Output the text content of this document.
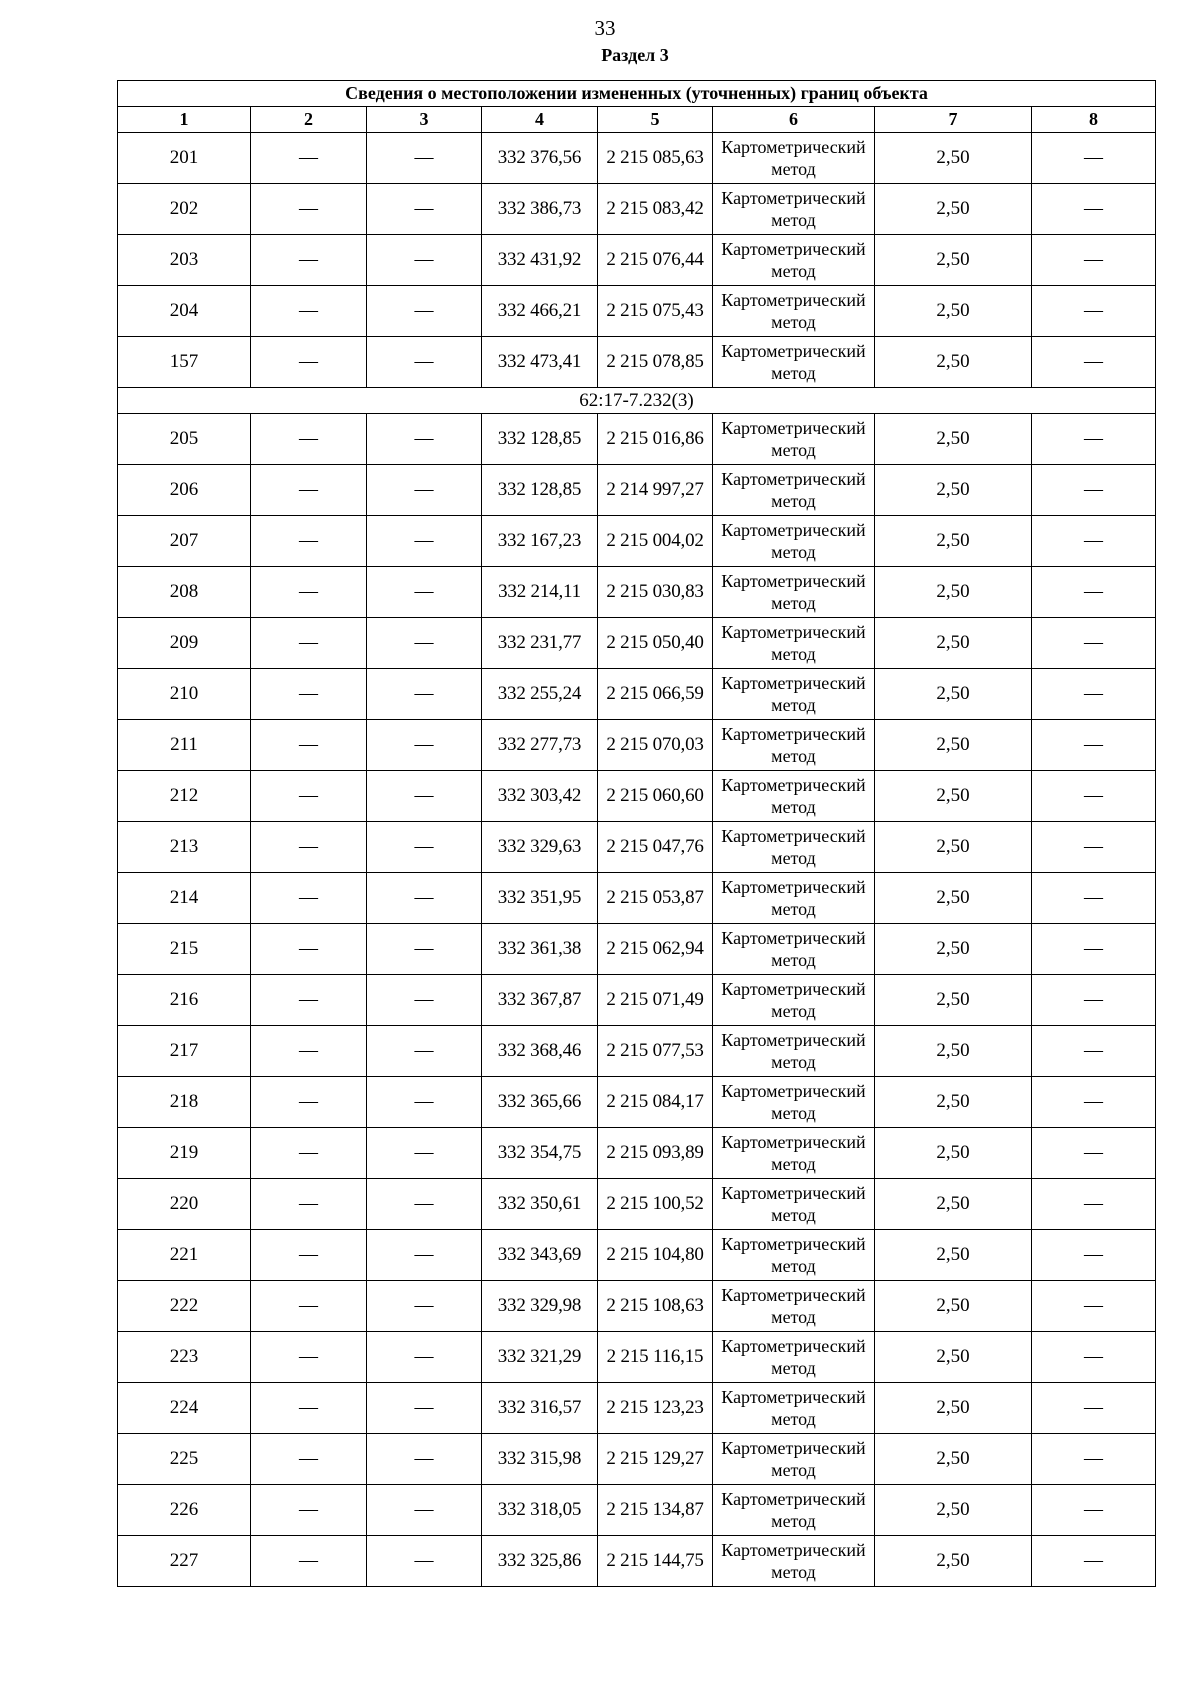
33
Раздел 3
Сведения о местоположении измененных (уточненных) границ объекта							
1	2	3	4	5	6	7	8
201	—	—	332 376,56	2 215 085,63	Картометрический метод	2,50	—
202	—	—	332 386,73	2 215 083,42	Картометрический метод	2,50	—
203	—	—	332 431,92	2 215 076,44	Картометрический метод	2,50	—
204	—	—	332 466,21	2 215 075,43	Картометрический метод	2,50	—
157	—	—	332 473,41	2 215 078,85	Картометрический метод	2,50	—
62:17-7.232(3)							
205	—	—	332 128,85	2 215 016,86	Картометрический метод	2,50	—
206	—	—	332 128,85	2 214 997,27	Картометрический метод	2,50	—
207	—	—	332 167,23	2 215 004,02	Картометрический метод	2,50	—
208	—	—	332 214,11	2 215 030,83	Картометрический метод	2,50	—
209	—	—	332 231,77	2 215 050,40	Картометрический метод	2,50	—
210	—	—	332 255,24	2 215 066,59	Картометрический метод	2,50	—
211	—	—	332 277,73	2 215 070,03	Картометрический метод	2,50	—
212	—	—	332 303,42	2 215 060,60	Картометрический метод	2,50	—
213	—	—	332 329,63	2 215 047,76	Картометрический метод	2,50	—
214	—	—	332 351,95	2 215 053,87	Картометрический метод	2,50	—
215	—	—	332 361,38	2 215 062,94	Картометрический метод	2,50	—
216	—	—	332 367,87	2 215 071,49	Картометрический метод	2,50	—
217	—	—	332 368,46	2 215 077,53	Картометрический метод	2,50	—
218	—	—	332 365,66	2 215 084,17	Картометрический метод	2,50	—
219	—	—	332 354,75	2 215 093,89	Картометрический метод	2,50	—
220	—	—	332 350,61	2 215 100,52	Картометрический метод	2,50	—
221	—	—	332 343,69	2 215 104,80	Картометрический метод	2,50	—
222	—	—	332 329,98	2 215 108,63	Картометрический метод	2,50	—
223	—	—	332 321,29	2 215 116,15	Картометрический метод	2,50	—
224	—	—	332 316,57	2 215 123,23	Картометрический метод	2,50	—
225	—	—	332 315,98	2 215 129,27	Картометрический метод	2,50	—
226	—	—	332 318,05	2 215 134,87	Картометрический метод	2,50	—
227	—	—	332 325,86	2 215 144,75	Картометрический метод	2,50	—
